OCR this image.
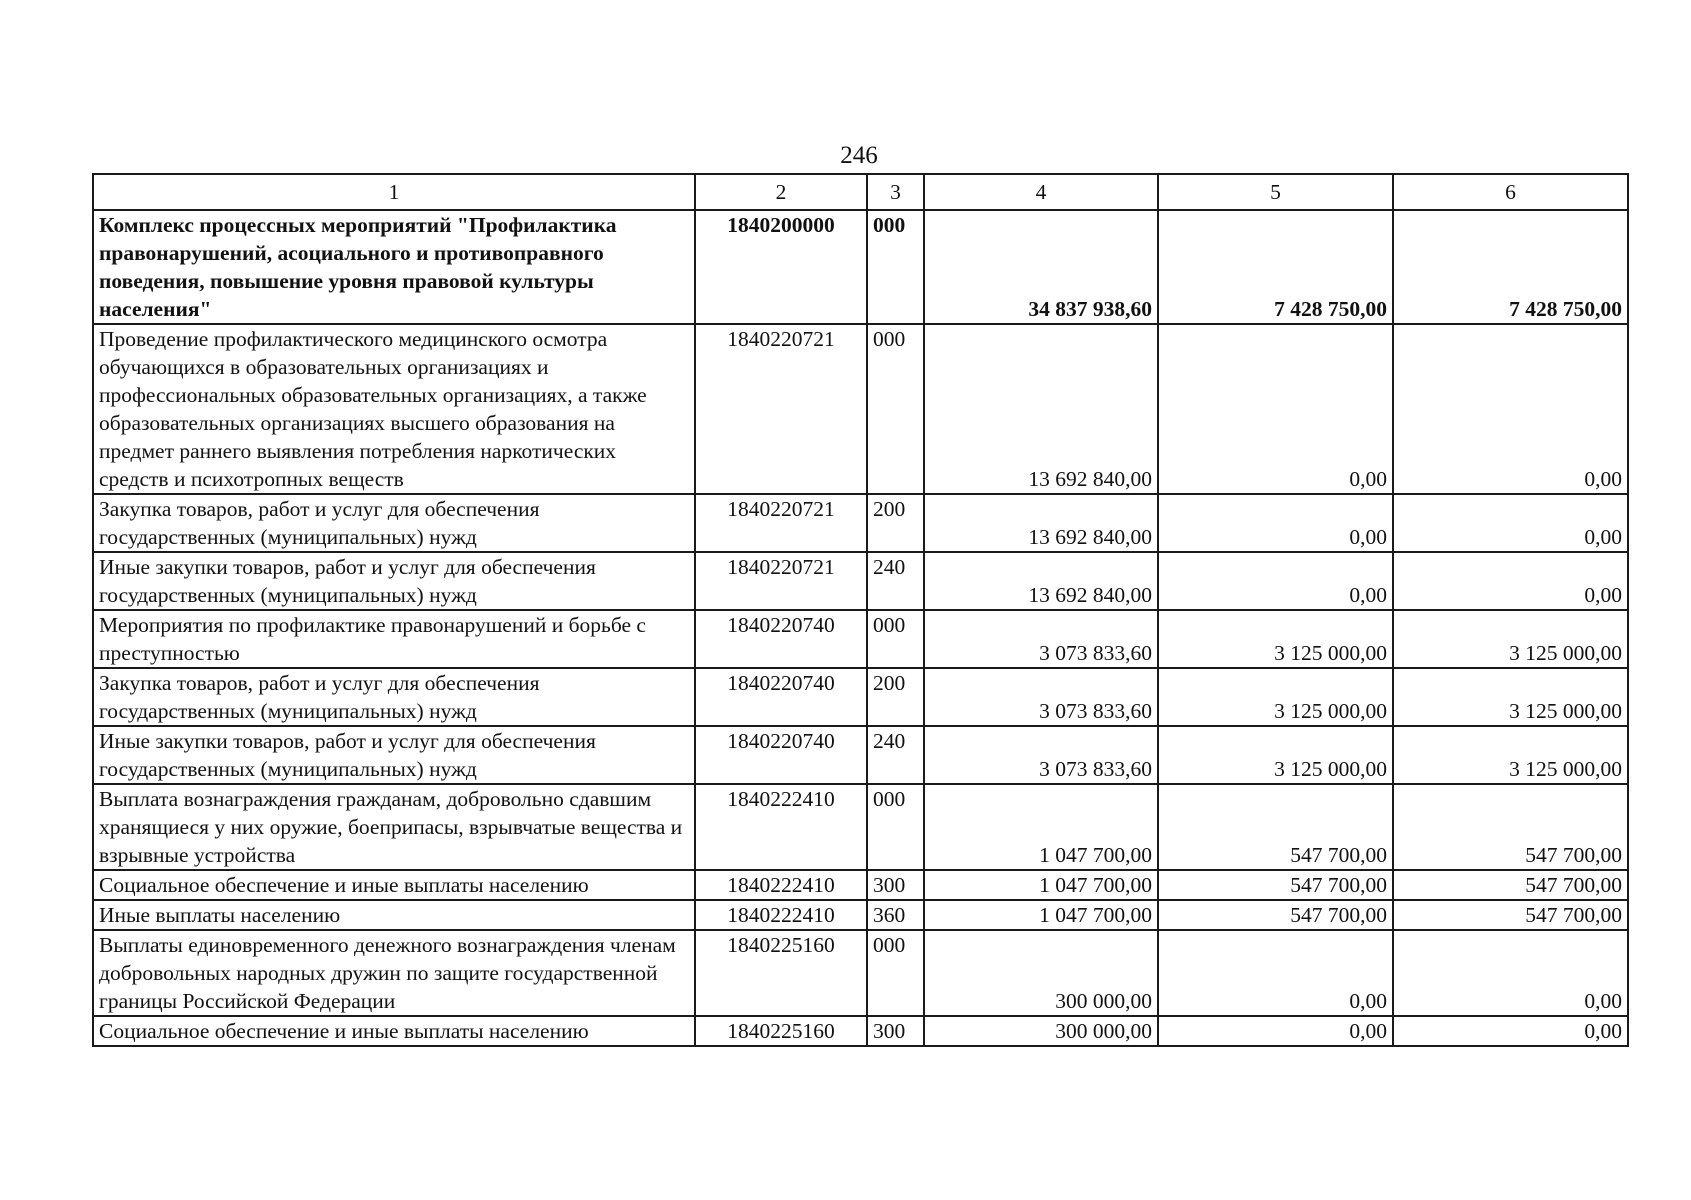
246
1	2	3	4	5	6
Комплекс процессных мероприятий "Профилактика правонарушений, асоциального и противоправного поведения, повышение уровня правовой культуры населения"	1840200000	000	34 837 938,60	7 428 750,00	7 428 750,00
Проведение профилактического медицинского осмотра обучающихся в образовательных организациях и профессиональных образовательных организациях, а также образовательных организациях высшего образования на предмет раннего выявления потребления наркотических средств и психотропных веществ	1840220721	000	13 692 840,00	0,00	0,00
Закупка товаров, работ и услуг для обеспечения государственных (муниципальных) нужд	1840220721	200	13 692 840,00	0,00	0,00
Иные закупки товаров, работ и услуг для обеспечения государственных (муниципальных) нужд	1840220721	240	13 692 840,00	0,00	0,00
Мероприятия по профилактике правонарушений и борьбе с преступностью	1840220740	000	3 073 833,60	3 125 000,00	3 125 000,00
Закупка товаров, работ и услуг для обеспечения государственных (муниципальных) нужд	1840220740	200	3 073 833,60	3 125 000,00	3 125 000,00
Иные закупки товаров, работ и услуг для обеспечения государственных (муниципальных) нужд	1840220740	240	3 073 833,60	3 125 000,00	3 125 000,00
Выплата вознаграждения гражданам, добровольно сдавшим хранящиеся у них оружие, боеприпасы, взрывчатые вещества и взрывные устройства	1840222410	000	1 047 700,00	547 700,00	547 700,00
Социальное обеспечение и иные выплаты населению	1840222410	300	1 047 700,00	547 700,00	547 700,00
Иные выплаты населению	1840222410	360	1 047 700,00	547 700,00	547 700,00
Выплаты единовременного денежного вознаграждения членам добровольных народных дружин по защите государственной границы Российской Федерации	1840225160	000	300 000,00	0,00	0,00
Социальное обеспечение и иные выплаты населению	1840225160	300	300 000,00	0,00	0,00
